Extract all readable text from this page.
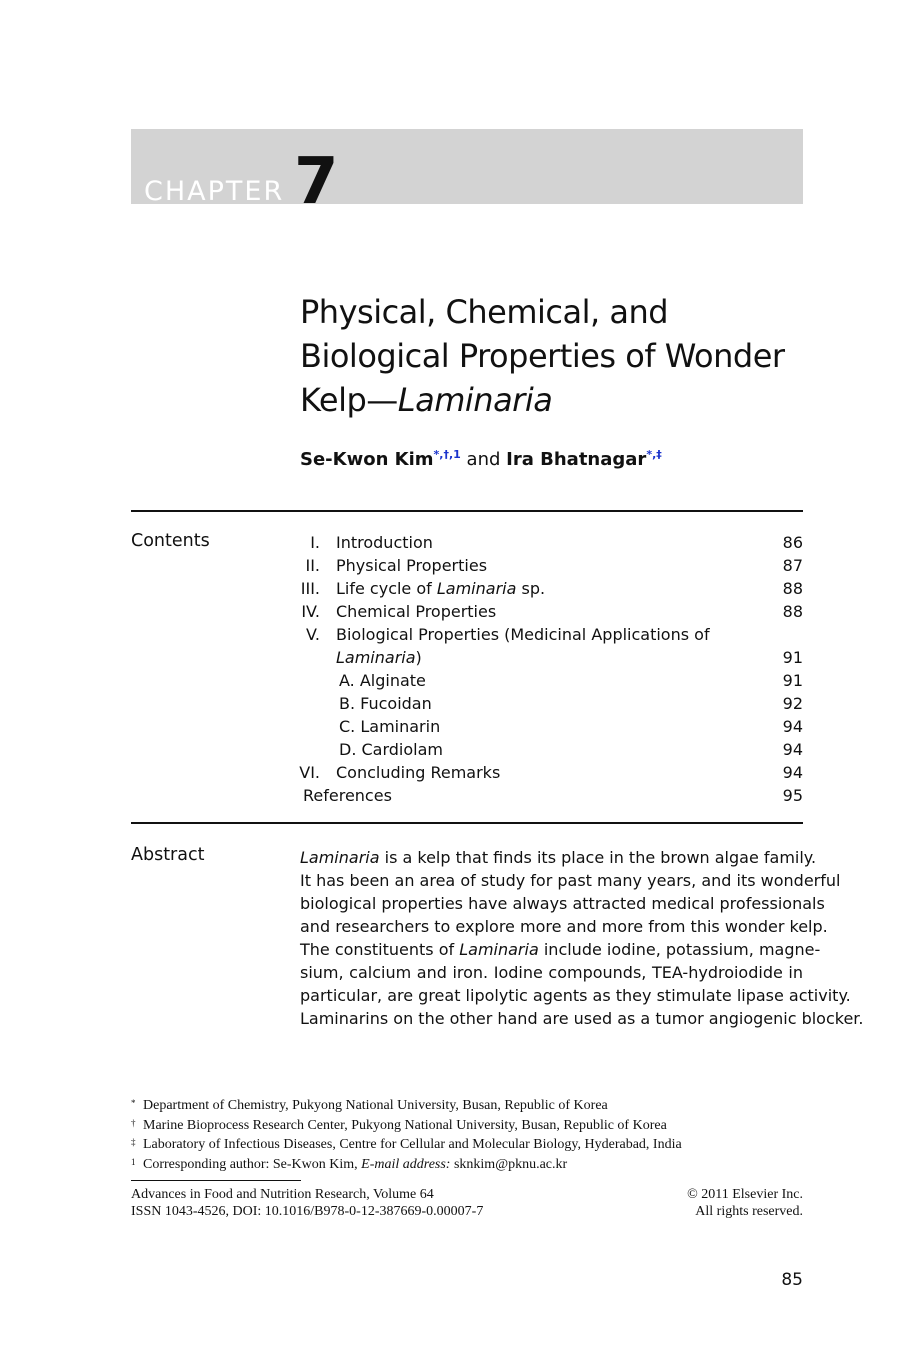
CHAPTER 7
Physical, Chemical, and
Biological Properties of Wonder
Kelp—Laminaria
Se-Kwon Kim$^{*,\dagger,1}$ and Ira Bhatnagar*,‡
Contents	I. Introduction	86
II. Physical Properties	87
III. Life cycle of Laminaria sp.	88
IV. Chemical Properties	88
V. Biological Properties (Medicinal Applications of
Laminaria)	91
A. Alginate	91
B. Fucoidan	92
C. Laminarin	94
D. Cardiolam	94
VI. Concluding Remarks	94
References	95
Abstract	Laminaria is a kelp that finds its place in the brown algae family.
It has been an area of study for past many years, and its wonderful
biological properties have always attracted medical professionals
and researchers to explore more and more from this wonder kelp.
The constituents of Laminaria include iodine, potassium, magne-
sium, calcium and iron. Iodine compounds, TEA-hydroiodide in
particular, are great lipolytic agents as they stimulate lipase activity.
Laminarins on the other hand are used as a tumor angiogenic blocker.
* Department of Chemistry, Pukyong National University, Busan, Republic of Korea
† Marine Bioprocess Research Center, Pukyong National University, Busan, Republic of Korea
‡ Laboratory of Infectious Diseases, Centre for Cellular and Molecular Biology, Hyderabad, India
1 Corresponding author: Se-Kwon Kim, E-mail address: sknkim@pknu.ac.kr
Advances in Food and Nutrition Research, Volume 64
ISSN 1043-4526, DOI: 10.1016/B978-0-12-387669-0.00007-7
© 2011 Elsevier Inc.
All rights reserved.
85
